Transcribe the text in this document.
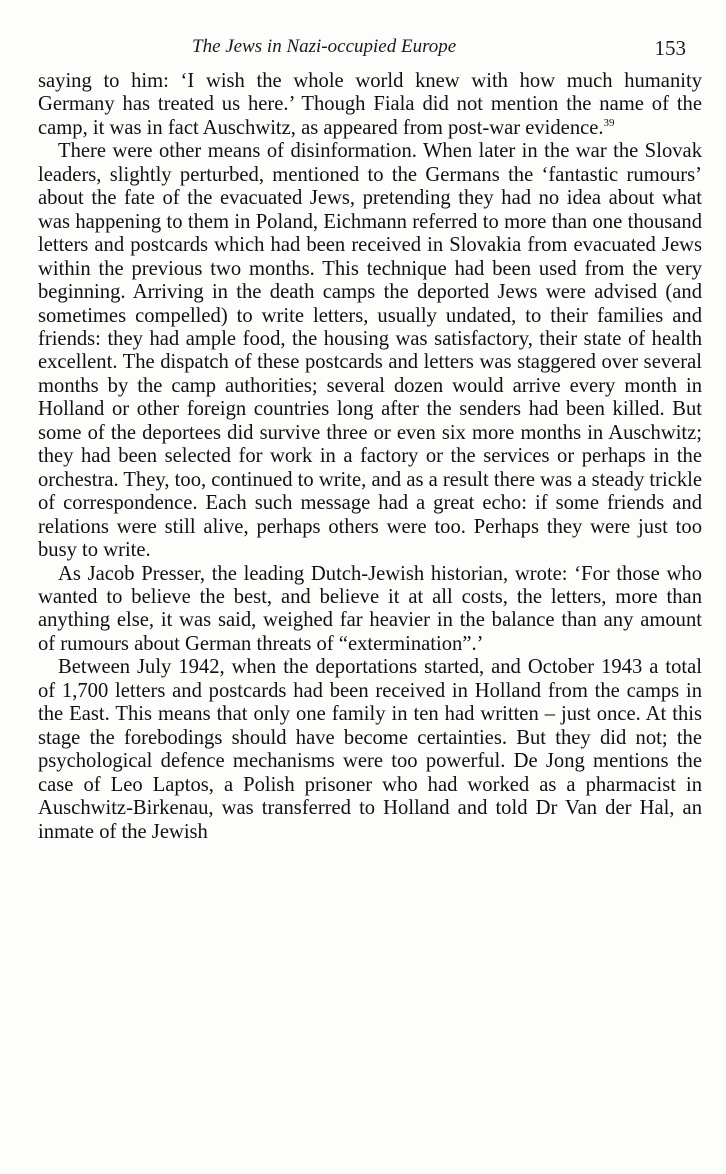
The Jews in Nazi-occupied Europe	153

saying to him: ‘I wish the whole world knew with how much humanity Germany has treated us here.’ Though Fiala did not mention the name of the camp, it was in fact Auschwitz, as appeared from post-war evidence.$^{39}$

There were other means of disinformation. When later in the war the Slovak leaders, slightly perturbed, mentioned to the Germans the ‘fantastic rumours’ about the fate of the evacuated Jews, pretending they had no idea about what was happening to them in Poland, Eichmann referred to more than one thousand letters and postcards which had been received in Slovakia from evacuated Jews within the previous two months. This technique had been used from the very beginning. Arriving in the death camps the deported Jews were advised (and sometimes compelled) to write letters, usually undated, to their families and friends: they had ample food, the housing was satisfactory, their state of health excellent. The dispatch of these postcards and letters was staggered over several months by the camp authorities; several dozen would arrive every month in Holland or other foreign countries long after the senders had been killed. But some of the deportees did survive three or even six more months in Auschwitz; they had been selected for work in a factory or the services or perhaps in the orchestra. They, too, continued to write, and as a result there was a steady trickle of correspondence. Each such message had a great echo: if some friends and relations were still alive, perhaps others were too. Perhaps they were just too busy to write.

As Jacob Presser, the leading Dutch-Jewish historian, wrote: ‘For those who wanted to believe the best, and believe it at all costs, the letters, more than anything else, it was said, weighed far heavier in the balance than any amount of rumours about German threats of “extermination”.’

Between July 1942, when the deportations started, and October 1943 a total of 1,700 letters and postcards had been received in Holland from the camps in the East. This means that only one family in ten had written – just once. At this stage the forebodings should have become certainties. But they did not; the psychological defence mechanisms were too powerful. De Jong mentions the case of Leo Laptos, a Polish prisoner who had worked as a pharmacist in Auschwitz-Birkenau, was transferred to Holland and told Dr Van der Hal, an inmate of the Jewish
